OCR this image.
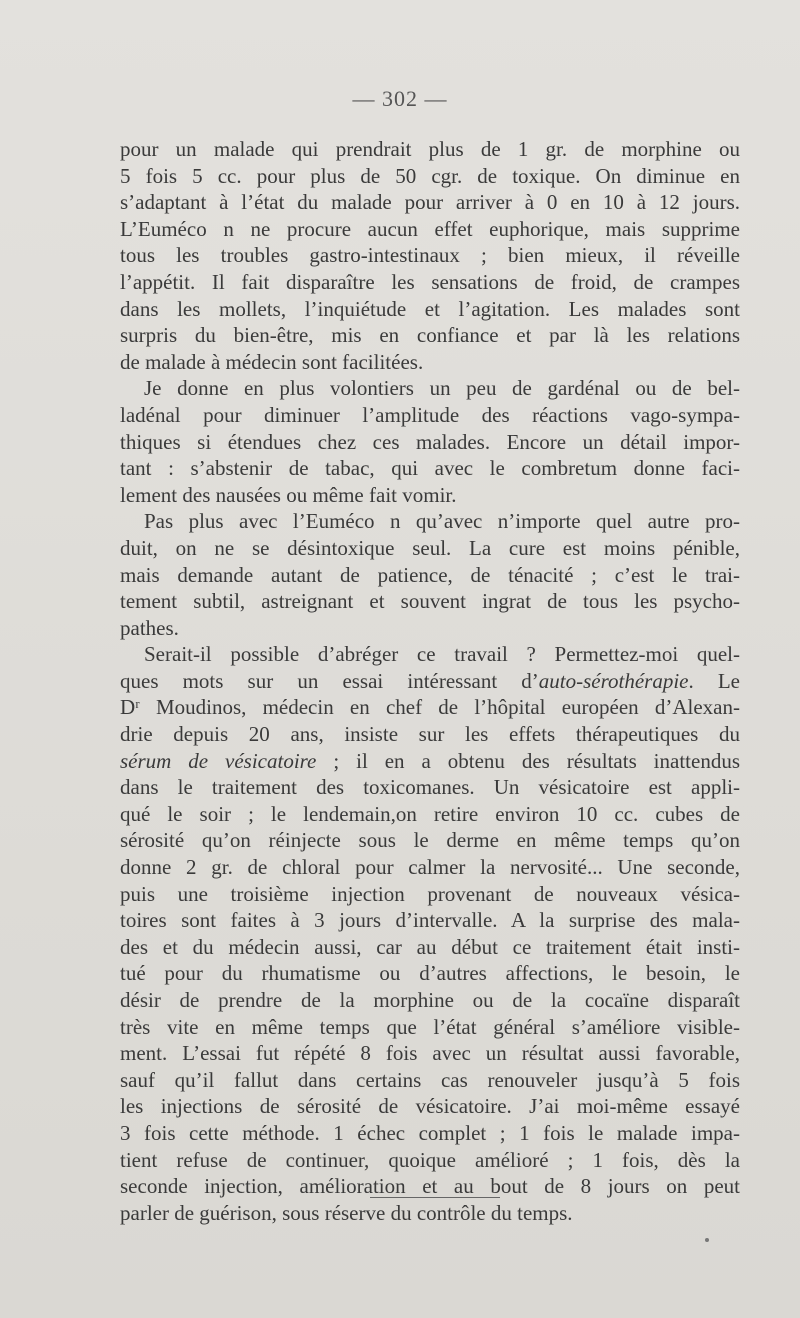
— 302 —
pour un malade qui prendrait plus de 1 gr. de morphine ou
5 fois 5 cc. pour plus de 50 cgr. de toxique. On diminue en
s’adaptant à l’état du malade pour arriver à 0 en 10 à 12 jours.
L’Euméco n ne procure aucun effet euphorique, mais supprime
tous les troubles gastro-intestinaux ; bien mieux, il réveille
l’appétit. Il fait disparaître les sensations de froid, de crampes
dans les mollets, l’inquiétude et l’agitation. Les malades sont
surpris du bien-être, mis en confiance et par là les relations
de malade à médecin sont facilitées.
Je donne en plus volontiers un peu de gardénal ou de bel-
ladénal pour diminuer l’amplitude des réactions vago-sympa-
thiques si étendues chez ces malades. Encore un détail impor-
tant : s’abstenir de tabac, qui avec le combretum donne faci-
lement des nausées ou même fait vomir.
Pas plus avec l’Euméco n qu’avec n’importe quel autre pro-
duit, on ne se désintoxique seul. La cure est moins pénible,
mais demande autant de patience, de ténacité ; c’est le trai-
tement subtil, astreignant et souvent ingrat de tous les psycho-
pathes.
Serait-il possible d’abréger ce travail ? Permettez-moi quel-
ques mots sur un essai intéressant d’auto-sérothérapie. Le
Dʳ Moudinos, médecin en chef de l’hôpital européen d’Alexan-
drie depuis 20 ans, insiste sur les effets thérapeutiques du
sérum de vésicatoire ; il en a obtenu des résultats inattendus
dans le traitement des toxicomanes. Un vésicatoire est appli-
qué le soir ; le lendemain,on retire environ 10 cc. cubes de
sérosité qu’on réinjecte sous le derme en même temps qu’on
donne 2 gr. de chloral pour calmer la nervosité... Une seconde,
puis une troisième injection provenant de nouveaux vésica-
toires sont faites à 3 jours d’intervalle. A la surprise des mala-
des et du médecin aussi, car au début ce traitement était insti-
tué pour du rhumatisme ou d’autres affections, le besoin, le
désir de prendre de la morphine ou de la cocaïne disparaît
très vite en même temps que l’état général s’améliore visible-
ment. L’essai fut répété 8 fois avec un résultat aussi favorable,
sauf qu’il fallut dans certains cas renouveler jusqu’à 5 fois
les injections de sérosité de vésicatoire. J’ai moi-même essayé
3 fois cette méthode. 1 échec complet ; 1 fois le malade impa-
tient refuse de continuer, quoique amélioré ; 1 fois, dès la
seconde injection, amélioration et au bout de 8 jours on peut
parler de guérison, sous réserve du contrôle du temps.
